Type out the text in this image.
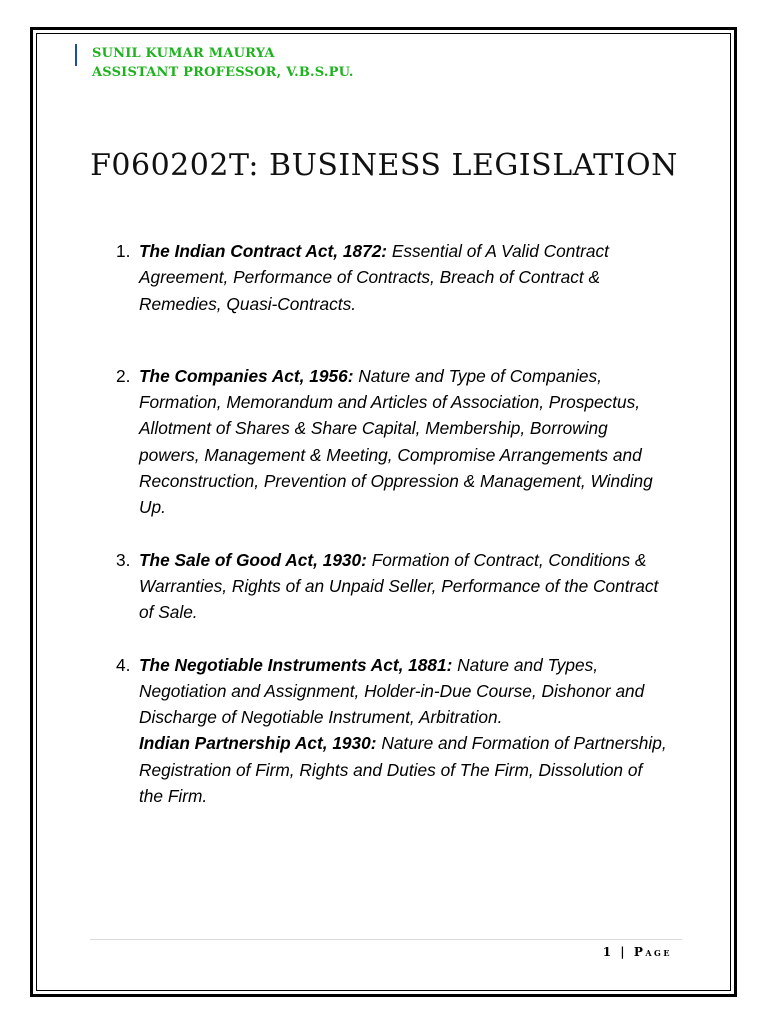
SUNIL KUMAR MAURYA
ASSISTANT PROFESSOR, V.B.S.PU.
F060202T: BUSINESS LEGISLATION
1. The Indian Contract Act, 1872: Essential of A Valid Contract Agreement, Performance of Contracts, Breach of Contract & Remedies, Quasi-Contracts.
2. The Companies Act, 1956: Nature and Type of Companies, Formation, Memorandum and Articles of Association, Prospectus, Allotment of Shares & Share Capital, Membership, Borrowing powers, Management & Meeting, Compromise Arrangements and Reconstruction, Prevention of Oppression & Management, Winding Up.
3. The Sale of Good Act, 1930: Formation of Contract, Conditions & Warranties, Rights of an Unpaid Seller, Performance of the Contract of Sale.
4. The Negotiable Instruments Act, 1881: Nature and Types, Negotiation and Assignment, Holder-in-Due Course, Dishonor and Discharge of Negotiable Instrument, Arbitration.
Indian Partnership Act, 1930: Nature and Formation of Partnership, Registration of Firm, Rights and Duties of The Firm, Dissolution of the Firm.
1 | Page
